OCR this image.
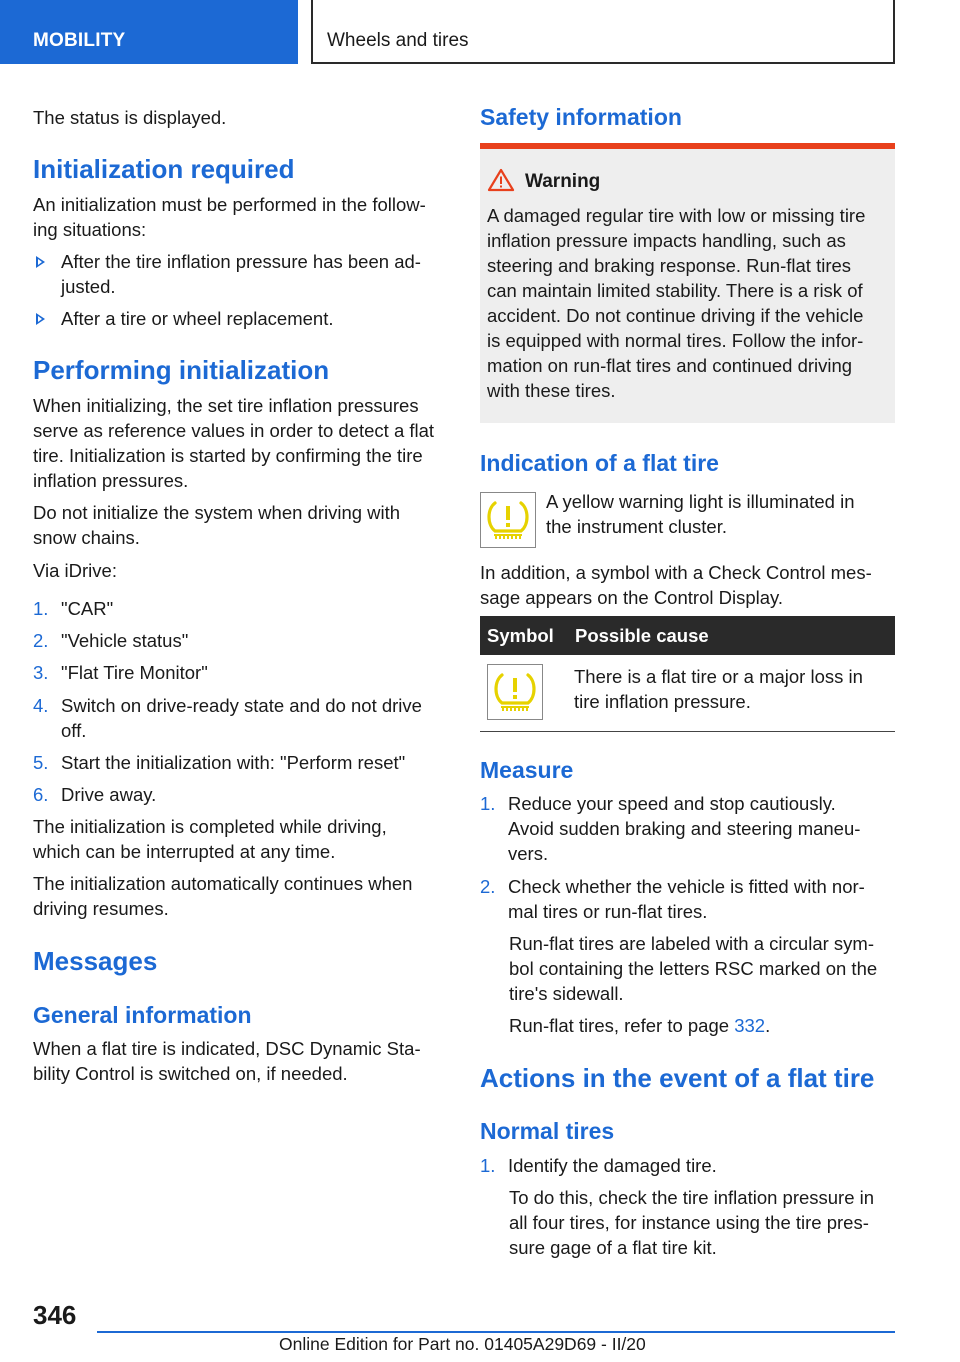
MOBILITY	Wheels and tires

The status is displayed.

Initialization required

An initialization must be performed in the follow-

ing situations:

After the tire inflation pressure has been ad-
justed.
After a tire or wheel replacement.
Performing initialization

When initializing, the set tire inflation pressures

serve as reference values in order to detect a flat

tire. Initialization is started by confirming the tire

inflation pressures.

Do not initialize the system when driving with

snow chains.

Via iDrive:

1. "CAR"
2. "Vehicle status"
3. "Flat Tire Monitor"
4. Switch on drive-ready state and do not drive
off.
5. Start the initialization with: "Perform reset"
6. Drive away.

The initialization is completed while driving,

which can be interrupted at any time.

The initialization automatically continues when

driving resumes.

Messages
General information

When a flat tire is indicated, DSC Dynamic Sta-

bility Control is switched on, if needed.

Safety information
Warning

A damaged regular tire with low or missing tire

inflation pressure impacts handling, such as

steering and braking response. Run-flat tires

can maintain limited stability. There is a risk of

accident. Do not continue driving if the vehicle

is equipped with normal tires. Follow the infor-

mation on run-flat tires and continued driving

with these tires.

Indication of a flat tire

A yellow warning light is illuminated in

the instrument cluster.

In addition, a symbol with a Check Control mes-

sage appears on the Control Display.

Symbol Possible cause

There is a flat tire or a major loss in

tire inflation pressure.

Measure
1. Reduce your speed and stop cautiously.
Avoid sudden braking and steering maneu-
vers.
2. Check whether the vehicle is fitted with nor-
mal tires or run-flat tires.

Run-flat tires are labeled with a circular sym-

bol containing the letters RSC marked on the

tire's sidewall.

Run-flat tires, refer to page 332.

Actions in the event of a flat tire
Normal tires
1. Identify the damaged tire.

To do this, check the tire inflation pressure in

all four tires, for instance using the tire pres-

sure gage of a flat tire kit.

346
Online Edition for Part no. 01405A29D69 - II/20
